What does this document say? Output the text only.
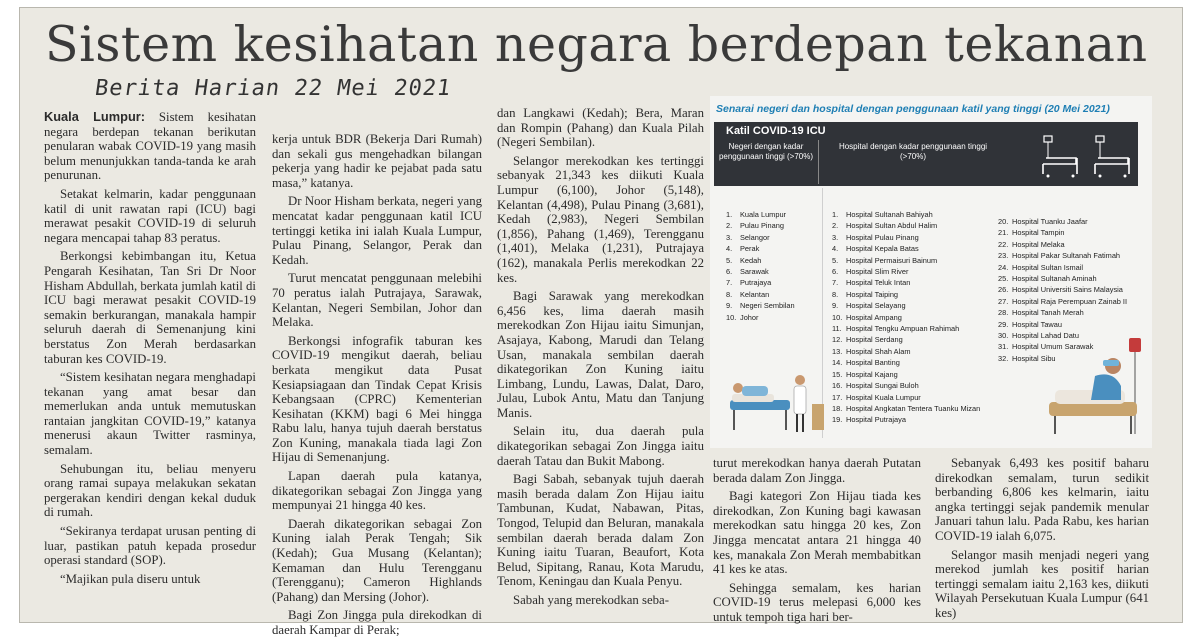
Sistem kesihatan negara berdepan tekanan
Berita Harian 22 Mei 2021

Kuala Lumpur: Sistem kesihatan negara berdepan tekanan berikutan penularan wabak COVID-19 yang masih belum menunjukkan tanda-tanda ke arah penurunan.

Setakat kelmarin, kadar penggunaan katil di unit rawatan rapi (ICU) bagi merawat pesakit COVID-19 di seluruh negara mencapai tahap 83 peratus.

Berkongsi kebimbangan itu, Ketua Pengarah Kesihatan, Tan Sri Dr Noor Hisham Abdullah, berkata jumlah katil di ICU bagi merawat pesakit COVID-19 semakin berkurangan, manakala hampir seluruh daerah di Semenanjung kini berstatus Zon Merah berdasarkan taburan kes COVID-19.

“Sistem kesihatan negara menghadapi tekanan yang amat besar dan memerlukan anda untuk memutuskan rantaian jangkitan COVID-19,” katanya menerusi akaun Twitter rasminya, semalam.

Sehubungan itu, beliau menyeru orang ramai supaya melakukan sekatan pergerakan kendiri dengan kekal duduk di rumah.

“Sekiranya terdapat urusan penting di luar, pastikan patuh kepada prosedur operasi standard (SOP).

“Majikan pula diseru untuk

kerja untuk BDR (Bekerja Dari Rumah) dan sekali gus mengehadkan bilangan pekerja yang hadir ke pejabat pada satu masa,” katanya.

Dr Noor Hisham berkata, negeri yang mencatat kadar penggunaan katil ICU tertinggi ketika ini ialah Kuala Lumpur, Pulau Pinang, Selangor, Perak dan Kedah.

Turut mencatat penggunaan melebihi 70 peratus ialah Putrajaya, Sarawak, Kelantan, Negeri Sembilan, Johor dan Melaka.

Berkongsi infografik taburan kes COVID-19 mengikut daerah, beliau berkata mengikut data Pusat Kesiapsiagaan dan Tindak Cepat Krisis Kebangsaan (CPRC) Kementerian Kesihatan (KKM) bagi 6 Mei hingga Rabu lalu, hanya tujuh daerah berstatus Zon Kuning, manakala tiada lagi Zon Hijau di Semenanjung.

Lapan daerah pula katanya, dikategorikan sebagai Zon Jingga yang mempunyai 21 hingga 40 kes.

Daerah dikategorikan sebagai Zon Kuning ialah Perak Tengah; Sik (Kedah); Gua Musang (Kelantan); Kemaman dan Hulu Terengganu (Terengganu); Cameron Highlands (Pahang) dan Mersing (Johor).

Bagi Zon Jingga pula direkodkan di daerah Kampar di Perak;

dan Langkawi (Kedah); Bera, Maran dan Rompin (Pahang) dan Kuala Pilah (Negeri Sembilan).

Selangor merekodkan kes tertinggi sebanyak 21,343 kes diikuti Kuala Lumpur (6,100), Johor (5,148), Kelantan (4,498), Pulau Pinang (3,681), Kedah (2,983), Negeri Sembilan (1,856), Pahang (1,469), Terengganu (1,401), Melaka (1,231), Putrajaya (162), manakala Perlis merekodkan 22 kes.

Bagi Sarawak yang merekodkan 6,456 kes, lima daerah masih merekodkan Zon Hijau iaitu Simunjan, Asajaya, Kabong, Marudi dan Telang Usan, manakala sembilan daerah dikategorikan Zon Kuning iaitu Limbang, Lundu, Lawas, Dalat, Daro, Julau, Lubok Antu, Matu dan Tanjung Manis.

Selain itu, dua daerah pula dikategorikan sebagai Zon Jingga iaitu daerah Tatau dan Bukit Mabong.

Bagi Sabah, sebanyak tujuh daerah masih berada dalam Zon Hijau iaitu Tambunan, Kudat, Nabawan, Pitas, Tongod, Telupid dan Beluran, manakala sembilan daerah berada dalam Zon Kuning iaitu Tuaran, Beaufort, Kota Belud, Sipitang, Ranau, Kota Marudu, Tenom, Keningau dan Kuala Penyu.

Sabah yang merekodkan seba-

Senarai negeri dan hospital dengan penggunaan katil yang tinggi (20 Mei 2021)
Katil COVID-19 ICU
Negeri dengan kadar penggunaan tinggi (>70%)
Hospital dengan kadar penggunaan tinggi (>70%)
1. Kuala Lumpur
2. Pulau Pinang
3. Selangor
4. Perak
5. Kedah
6. Sarawak
7. Putrajaya
8. Kelantan
9. Negeri Sembilan
10. Johor
1. Hospital Sultanah Bahiyah
2. Hospital Sultan Abdul Halim
3. Hospital Pulau Pinang
4. Hospital Kepala Batas
5. Hospital Permaisuri Bainum
6. Hospital Slim River
7. Hospital Teluk Intan
8. Hospital Taiping
9. Hospital Selayang
10. Hospital Ampang
11. Hospital Tengku Ampuan Rahimah
12. Hospital Serdang
13. Hospital Shah Alam
14. Hospital Banting
15. Hospital Kajang
16. Hospital Sungai Buloh
17. Hospital Kuala Lumpur
18. Hospital Angkatan Tentera Tuanku Mizan
19. Hospital Putrajaya
20. Hospital Tuanku Jaafar
21. Hospital Tampin
22. Hospital Melaka
23. Hospital Pakar Sultanah Fatimah
24. Hospital Sultan Ismail
25. Hospital Sultanah Aminah
26. Hospital Universiti Sains Malaysia
27. Hospital Raja Perempuan Zainab II
28. Hospital Tanah Merah
29. Hospital Tawau
30. Hospital Lahad Datu
31. Hospital Umum Sarawak
32. Hospital Sibu

turut merekodkan hanya daerah Putatan berada dalam Zon Jingga.

Bagi kategori Zon Hijau tiada kes direkodkan, Zon Kuning bagi kawasan merekodkan satu hingga 20 kes, Zon Jingga mencatat antara 21 hingga 40 kes, manakala Zon Merah membabitkan 41 kes ke atas.

Sehingga semalam, kes harian COVID-19 terus melepasi 6,000 kes untuk tempoh tiga hari ber-

Sebanyak 6,493 kes positif baharu direkodkan semalam, turun sedikit berbanding 6,806 kes kelmarin, iaitu angka tertinggi sejak pandemik menular Januari tahun lalu. Pada Rabu, kes harian COVID-19 ialah 6,075.

Selangor masih menjadi negeri yang merekod jumlah kes positif harian tertinggi semalam iaitu 2,163 kes, diikuti Wilayah Persekutuan Kuala Lumpur (641 kes)
